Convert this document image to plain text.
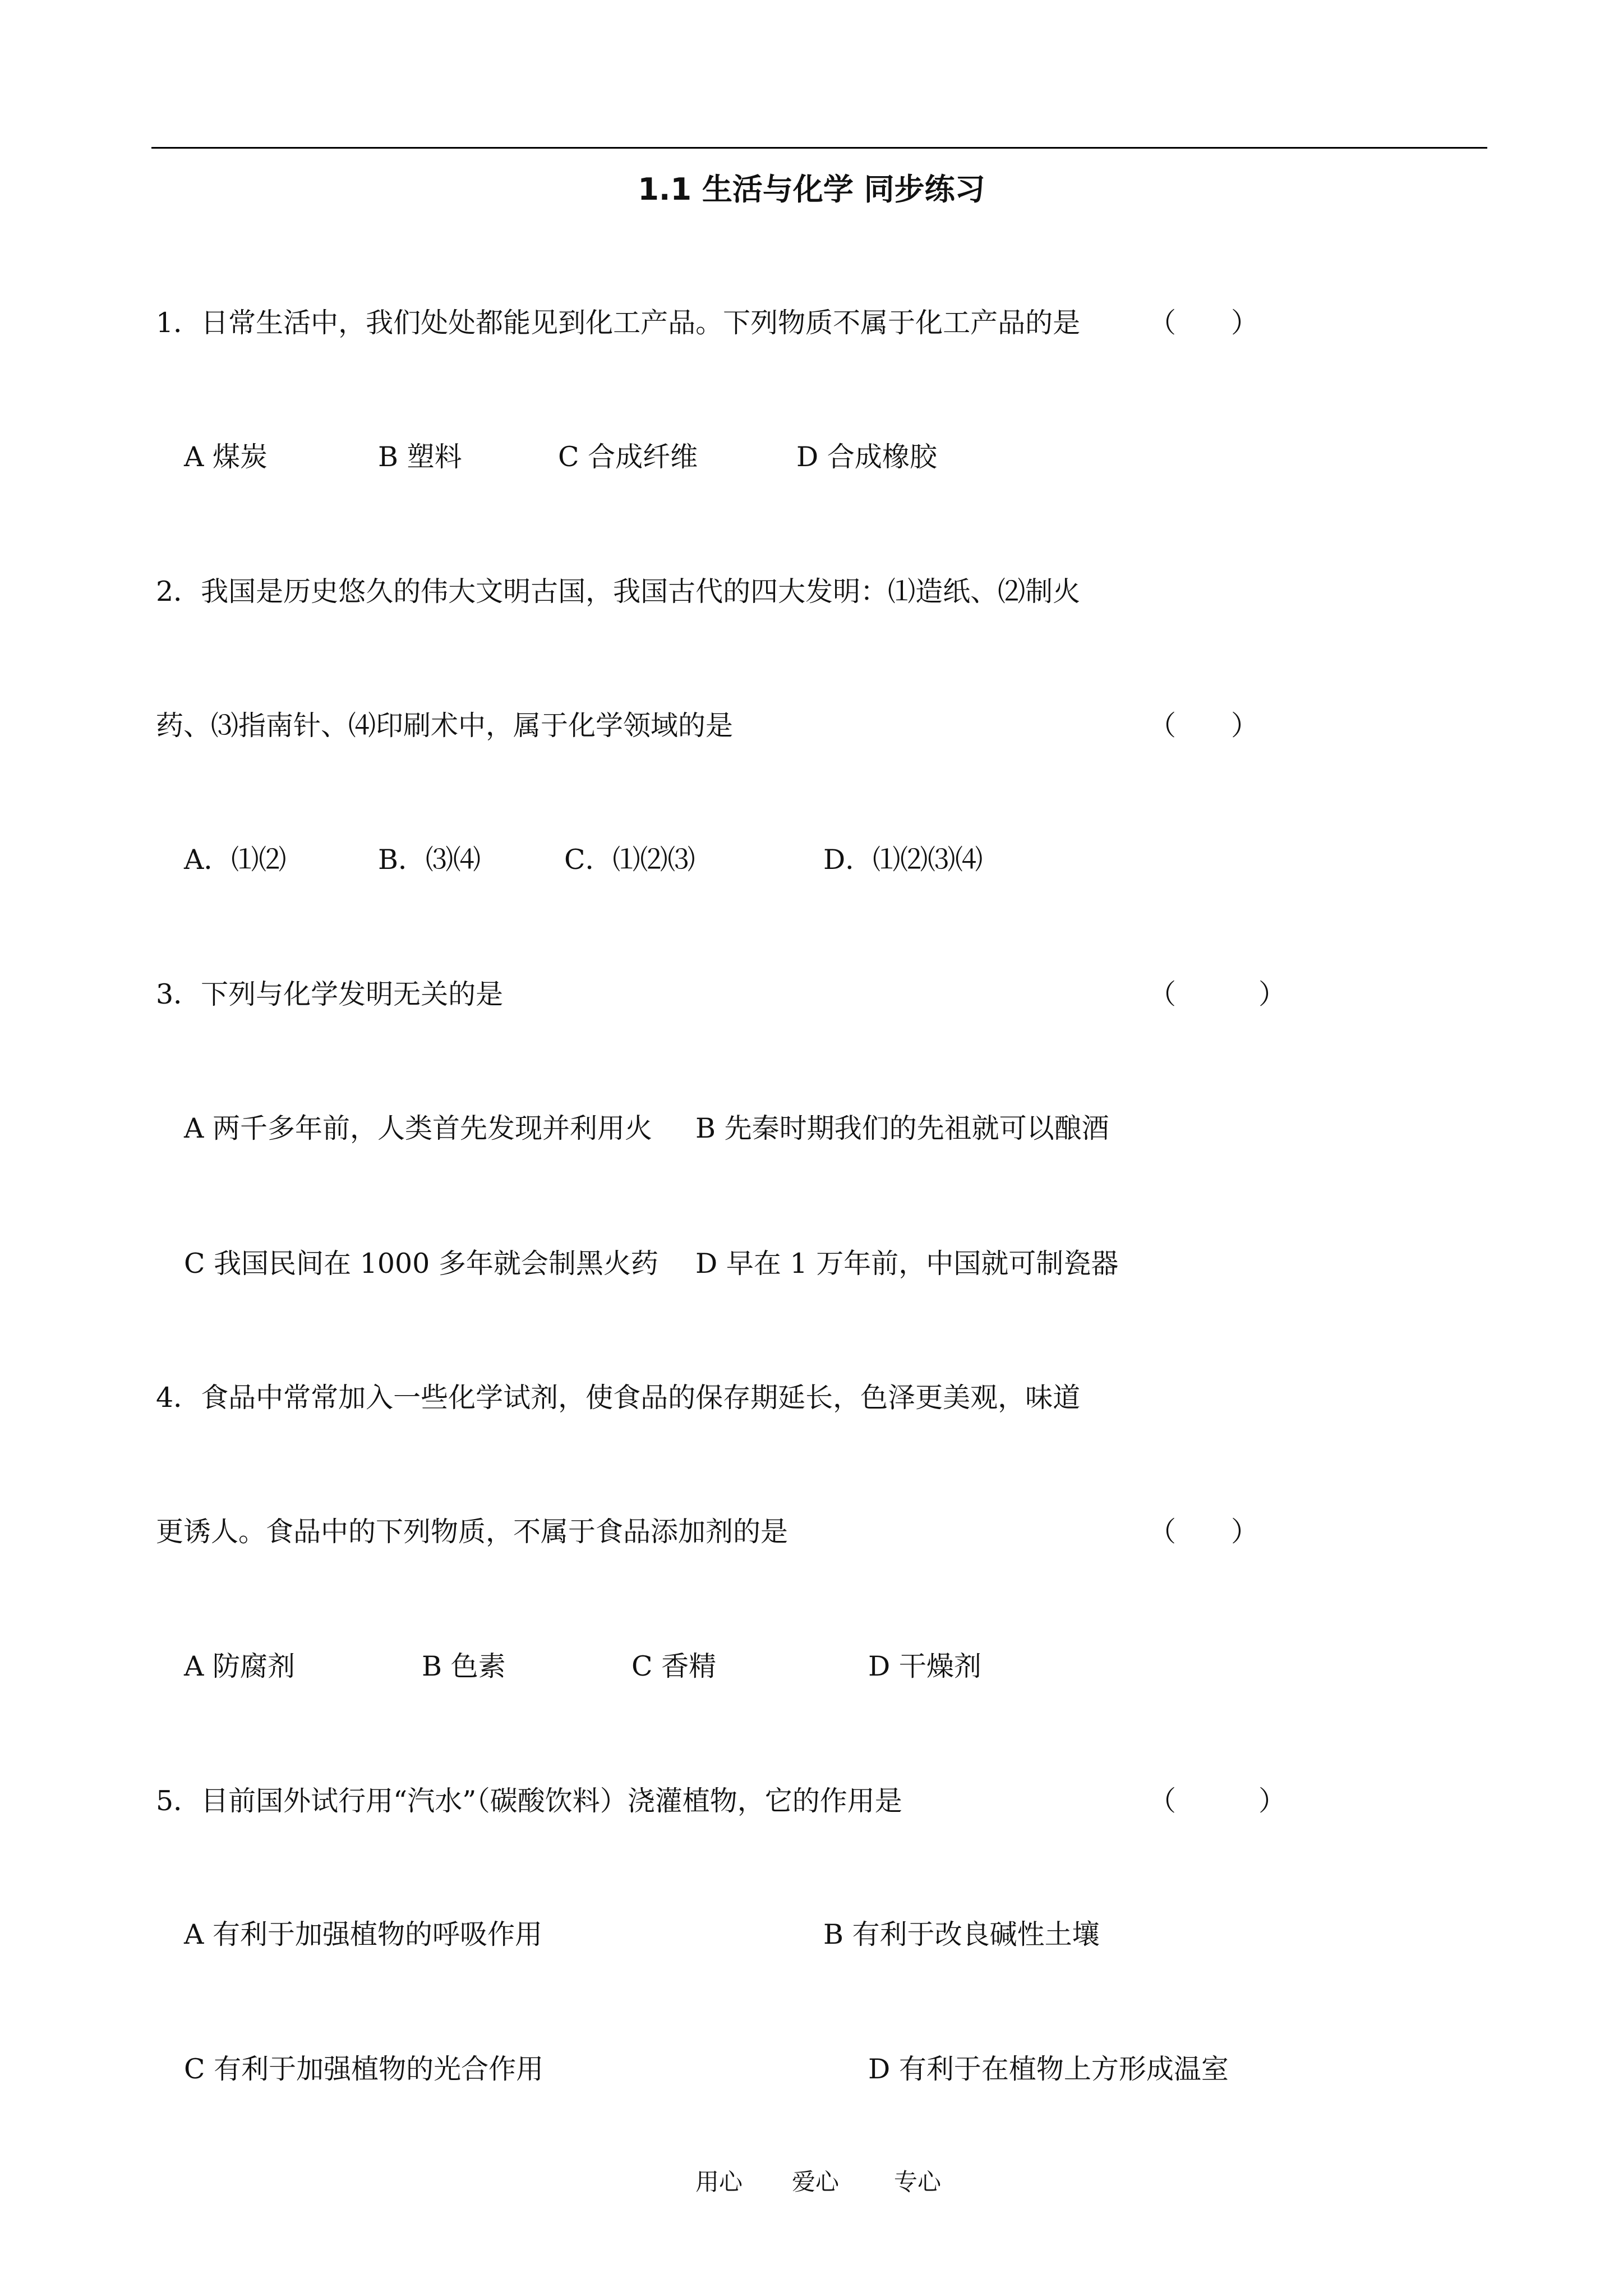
1.1 生活与化学 同步练习
1．日常生活中，我们处处都能见到化工产品。下列物质不属于化工产品的是 （　　）
A 煤炭	B 塑料	C 合成纤维	D 合成橡胶
2．我国是历史悠久的伟大文明古国，我国古代的四大发明：⑴造纸、⑵制火
药、⑶指南针、⑷印刷术中，属于化学领域的是	（　　）
A．⑴⑵	B．⑶⑷	C．⑴⑵⑶	D．⑴⑵⑶⑷
3．下列与化学发明无关的是	（　　　）
A 两千多年前，人类首先发现并利用火 B 先秦时期我们的先祖就可以酿酒
C 我国民间在 1000 多年就会制黑火药 D 早在 1 万年前，中国就可制瓷器
4．食品中常常加入一些化学试剂，使食品的保存期延长，色泽更美观，味道
更诱人。食品中的下列物质，不属于食品添加剂的是	（　　）
A 防腐剂	B 色素	C 香精	D 干燥剂
5．目前国外试行用“汽水”（碳酸饮料）浇灌植物，它的作用是	（　　　）
A 有利于加强植物的呼吸作用	B 有利于改良碱性土壤
C 有利于加强植物的光合作用	D 有利于在植物上方形成温室
用心 爱心 专心
